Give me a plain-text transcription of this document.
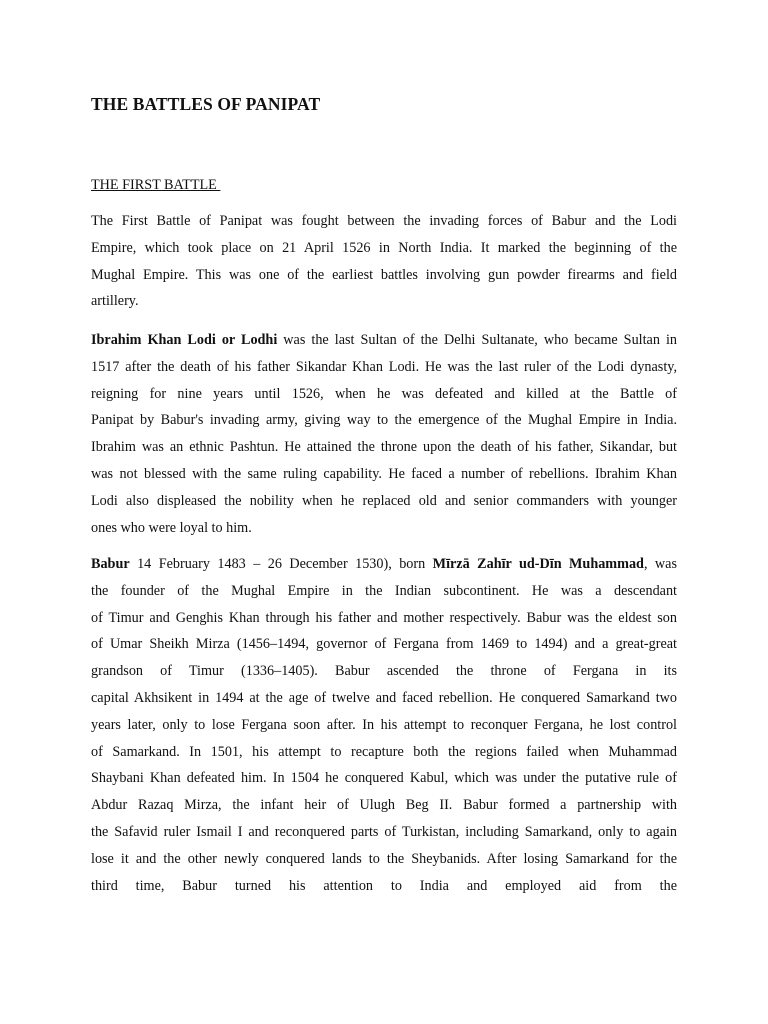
THE BATTLES OF PANIPAT
THE FIRST BATTLE
The First Battle of Panipat was fought between the invading forces of Babur and the Lodi
Empire, which took place on 21 April 1526 in North India. It marked the beginning of the
Mughal Empire. This was one of the earliest battles involving gun powder firearms and field
artillery.
Ibrahim Khan Lodi or Lodhi was the last Sultan of the Delhi Sultanate, who became Sultan in
1517 after the death of his father Sikandar Khan Lodi. He was the last ruler of the Lodi dynasty,
reigning for nine years until 1526, when he was defeated and killed at the Battle of
Panipat by Babur's invading army, giving way to the emergence of the Mughal Empire in India.
Ibrahim was an ethnic Pashtun. He attained the throne upon the death of his father, Sikandar, but
was not blessed with the same ruling capability. He faced a number of rebellions. Ibrahim Khan
Lodi also displeased the nobility when he replaced old and senior commanders with younger
ones who were loyal to him.
Babur 14 February 1483 – 26 December 1530), born Mīrzā Zahīr ud-Dīn Muhammad, was
the founder of the Mughal Empire in the Indian subcontinent. He was a descendant
of Timur and Genghis Khan through his father and mother respectively. Babur was the eldest son
of Umar Sheikh Mirza (1456–1494, governor of Fergana from 1469 to 1494) and a great-great
grandson of Timur (1336–1405). Babur ascended the throne of Fergana in its
capital Akhsikent in 1494 at the age of twelve and faced rebellion. He conquered Samarkand two
years later, only to lose Fergana soon after. In his attempt to reconquer Fergana, he lost control
of Samarkand. In 1501, his attempt to recapture both the regions failed when Muhammad
Shaybani Khan defeated him. In 1504 he conquered Kabul, which was under the putative rule of
Abdur Razaq Mirza, the infant heir of Ulugh Beg II. Babur formed a partnership with
the Safavid ruler Ismail I and reconquered parts of Turkistan, including Samarkand, only to again
lose it and the other newly conquered lands to the Sheybanids. After losing Samarkand for the
third time, Babur turned his attention to India and employed aid from the
